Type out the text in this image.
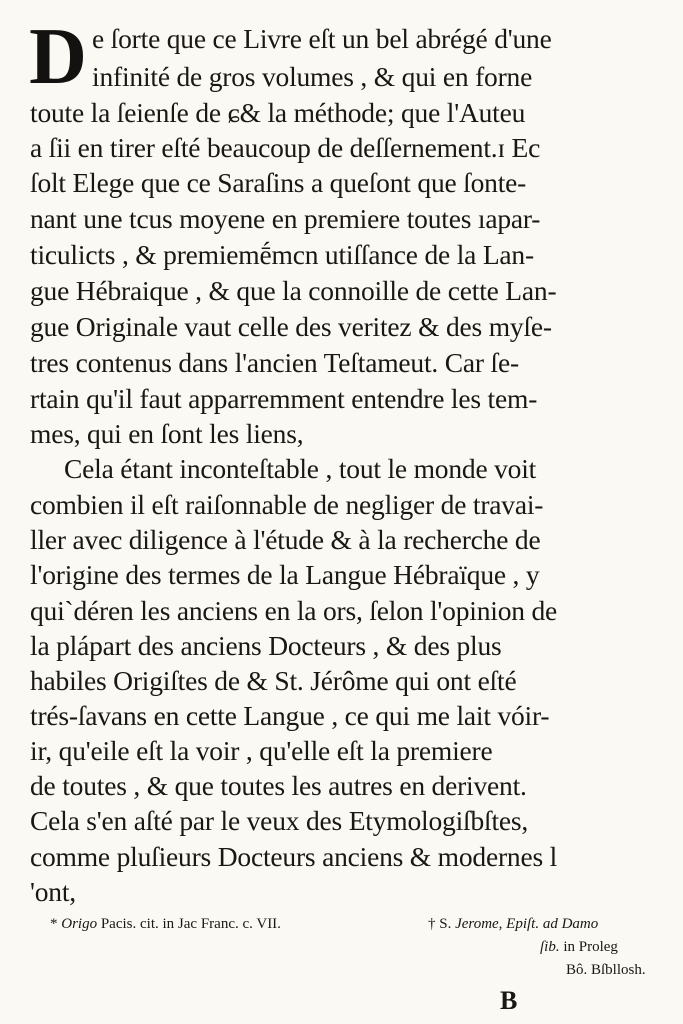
D e ſorte que ce Livre eſt un bel abrégé d'une
infinité de gros volumes , & qui en forne
toute la ſeienſe de ɕ& la méthode; que l'Auteu
a ſii en tirer eſté beaucoup de deſſernement.ɪ Ec
ſolt Elege que ce Saraſins a queſont que ſonte-
nant une tcus moyene en premiere toutes ıapar-
ticulicts , & premiemḗmcn utiſſance de la Lan-
gue Hébraique , & que la connoille de cette Lan-
gue Originale vaut celle des veritez & des myſe-
tres contenus dans l'ancien Teſtameut. Car ſe-
rtain qu'il faut apparremment entendre les tem-
mes, qui en ſont les liens,
Cela étant inconteſtable , tout le monde voit
combien il eſt raiſonnable de negliger de travai-
ller avec diligence à l'étude & à la recherche de
l'origine des termes de la Langue Hébraïque , y
qui`déren les anciens en la ors, ſelon l'opinion de
la plápart des anciens Docteurs , & des plus
habiles Origiſtes de & St. Jérôme qui ont eſté
trés-ſavans en cette Langue , ce qui me lait vóir-
ir, qu'eile eſt la voir , qu'elle eſt la premiere
de toutes , & que toutes les autres en derivent.
Cela s'en aſté par le veux des Etymologiſbſtes,
comme pluſieurs Docteurs anciens & modernes l
'ont,
* Origo Pacis. cit. in Jac Franc. c. VII.	† S. Jerome, Epiſt. ad Damo
ſib. in Proleg
Bô. Bſbllosh.
B
